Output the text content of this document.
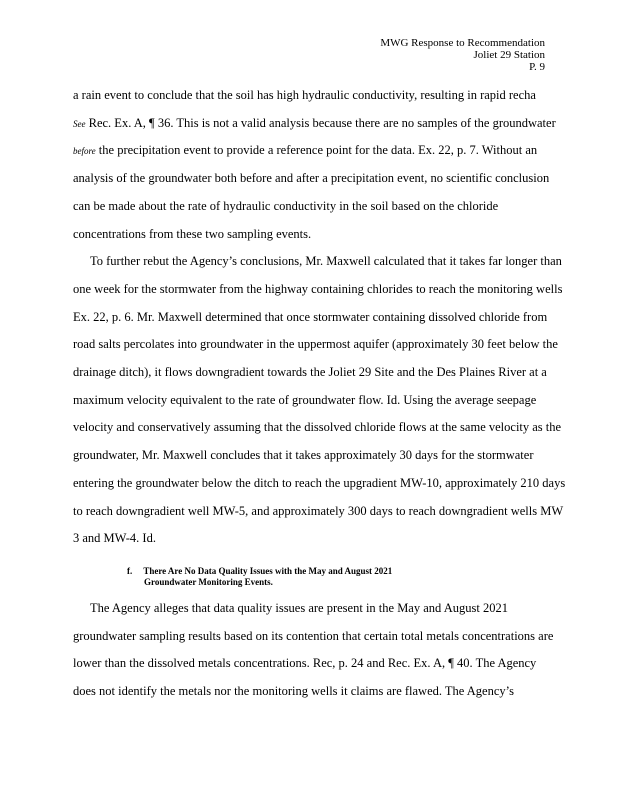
MWG Response to Recommendation
Joliet 29 Station
P. 9
a rain event to conclude that the soil has high hydraulic conductivity, resulting in rapid recha
See Rec. Ex. A, ¶ 36. This is not a valid analysis because there are no samples of the groundwater
before the precipitation event to provide a reference point for the data. Ex. 22, p. 7. Without an
analysis of the groundwater both before and after a precipitation event, no scientific conclusion
can be made about the rate of hydraulic conductivity in the soil based on the chloride
concentrations from these two sampling events.
To further rebut the Agency’s conclusions, Mr. Maxwell calculated that it takes far longer than
one week for the stormwater from the highway containing chlorides to reach the monitoring wells
Ex. 22, p. 6. Mr. Maxwell determined that once stormwater containing dissolved chloride from
road salts percolates into groundwater in the uppermost aquifer (approximately 30 feet below the
drainage ditch), it flows downgradient towards the Joliet 29 Site and the Des Plaines River at a
maximum velocity equivalent to the rate of groundwater flow. Id. Using the average seepage
velocity and conservatively assuming that the dissolved chloride flows at the same velocity as the
groundwater, Mr. Maxwell concludes that it takes approximately 30 days for the stormwater
entering the groundwater below the ditch to reach the upgradient MW-10, approximately 210 days
to reach downgradient well MW-5, and approximately 300 days to reach downgradient wells MW
3 and MW-4. Id.
f. There Are No Data Quality Issues with the May and August 2021
Groundwater Monitoring Events.
The Agency alleges that data quality issues are present in the May and August 2021
groundwater sampling results based on its contention that certain total metals concentrations are
lower than the dissolved metals concentrations. Rec, p. 24 and Rec. Ex. A, ¶ 40. The Agency
does not identify the metals nor the monitoring wells it claims are flawed. The Agency’s
